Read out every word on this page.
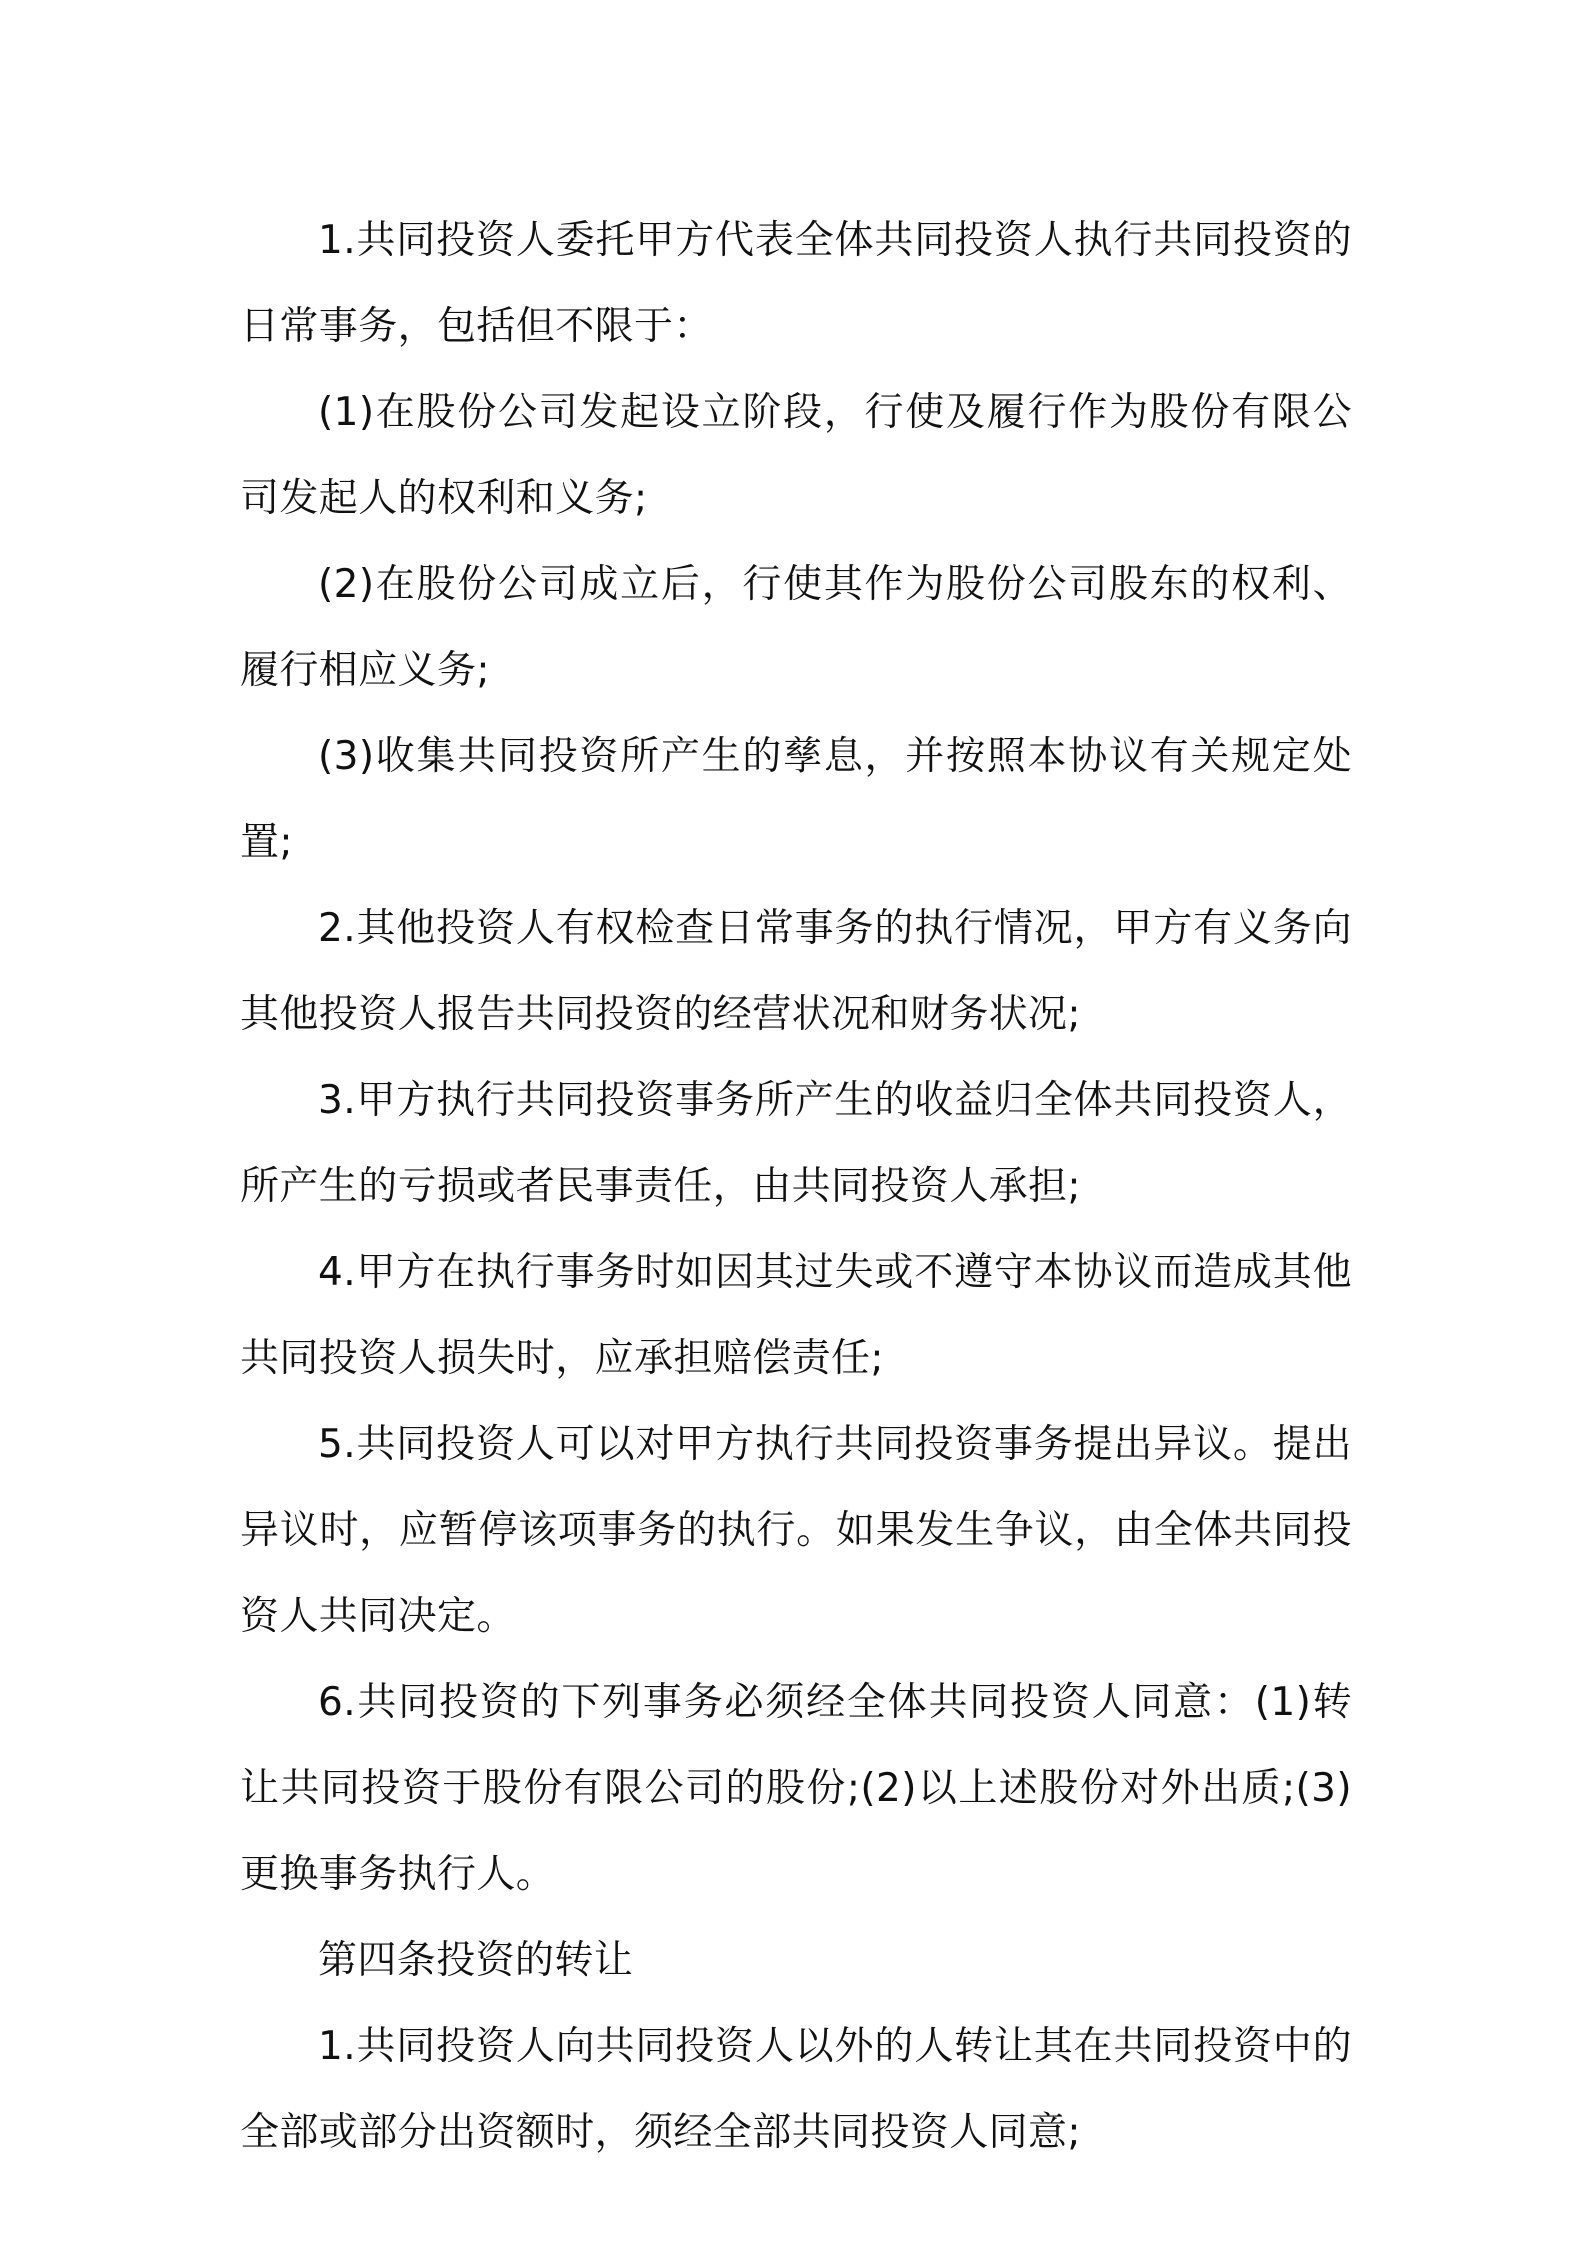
1.共同投资人委托甲方代表全体共同投资人执行共同投资的日常事务，包括但不限于：

(1)在股份公司发起设立阶段，行使及履行作为股份有限公司发起人的权利和义务;

(2)在股份公司成立后，行使其作为股份公司股东的权利、履行相应义务;

(3)收集共同投资所产生的孳息，并按照本协议有关规定处置;

2.其他投资人有权检查日常事务的执行情况，甲方有义务向其他投资人报告共同投资的经营状况和财务状况;

3.甲方执行共同投资事务所产生的收益归全体共同投资人，所产生的亏损或者民事责任，由共同投资人承担;

4.甲方在执行事务时如因其过失或不遵守本协议而造成其他共同投资人损失时，应承担赔偿责任;

5.共同投资人可以对甲方执行共同投资事务提出异议。提出异议时，应暂停该项事务的执行。如果发生争议，由全体共同投资人共同决定。

6.共同投资的下列事务必须经全体共同投资人同意：(1)转让共同投资于股份有限公司的股份;(2)以上述股份对外出质;(3)更换事务执行人。

第四条投资的转让

1.共同投资人向共同投资人以外的人转让其在共同投资中的全部或部分出资额时，须经全部共同投资人同意;
